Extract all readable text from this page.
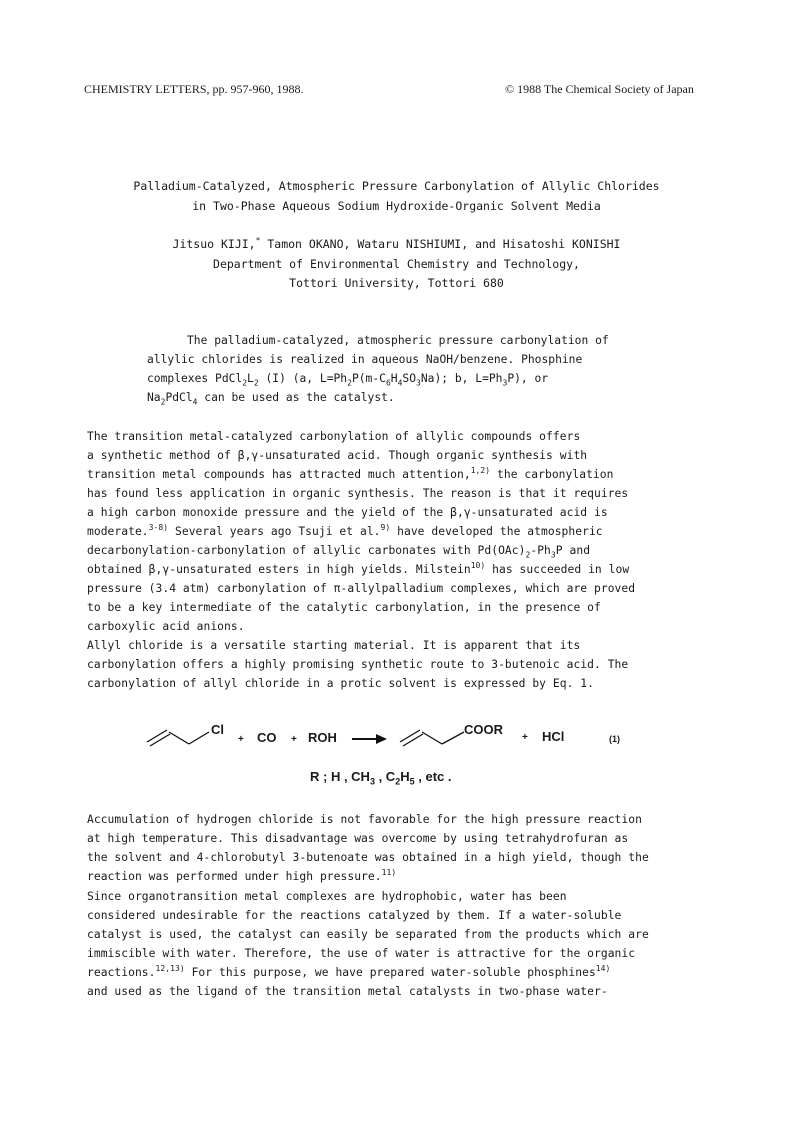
CHEMISTRY LETTERS, pp. 957-960, 1988.	© 1988 The Chemical Society of Japan
Palladium-Catalyzed, Atmospheric Pressure Carbonylation of Allylic Chlorides
in Two-Phase Aqueous Sodium Hydroxide-Organic Solvent Media
Jitsuo KIJI,* Tamon OKANO, Wataru NISHIUMI, and Hisatoshi KONISHI
Department of Environmental Chemistry and Technology,
Tottori University, Tottori 680
The palladium-catalyzed, atmospheric pressure carbonylation of
allylic chlorides is realized in aqueous NaOH/benzene. Phosphine
complexes $PdCl_2L_2$ (I) (a, $L=Ph_2P(m-C_6H_4SO_3Na)$; b, $L=Ph_3P$), or
$Na_2PdCl_4$ can be used as the catalyst.
The transition metal-catalyzed carbonylation of allylic compounds offers
a synthetic method of β,γ-unsaturated acid. Though organic synthesis with
transition metal compounds has attracted much attention,$^{1,2)}$ the carbonylation
has found less application in organic synthesis. The reason is that it requires
a high carbon monoxide pressure and the yield of the β,γ-unsaturated acid is
moderate.$^{3-8)}$ Several years ago Tsuji et al.$^{9)}$ have developed the atmospheric
decarbonylation-carbonylation of allylic carbonates with $Pd(OAc)_2-Ph_3P$ and
obtained β,γ-unsaturated esters in high yields. Milstein$^{10)}$ has succeeded in low
pressure (3.4 atm) carbonylation of π-allylpalladium complexes, which are proved
to be a key intermediate of the catalytic carbonylation, in the presence of
carboxylic acid anions.
Allyl chloride is a versatile starting material. It is apparent that its
carbonylation offers a highly promising synthetic route to 3-butenoic acid. The
carbonylation of allyl chloride in a protic solvent is expressed by Eq. 1.
Cl
+ CO + ROH →
COOR
+ HCl	(1)
R ; H , $CH_3$ , $C_2H_5$ , etc .
Accumulation of hydrogen chloride is not favorable for the high pressure reaction
at high temperature. This disadvantage was overcome by using tetrahydrofuran as
the solvent and 4-chlorobutyl 3-butenoate was obtained in a high yield, though the
reaction was performed under high pressure.$^{11)}$
Since organotransition metal complexes are hydrophobic, water has been
considered undesirable for the reactions catalyzed by them. If a water-soluble
catalyst is used, the catalyst can easily be separated from the products which are
immiscible with water. Therefore, the use of water is attractive for the organic
reactions.$^{12,13)}$ For this purpose, we have prepared water-soluble phosphines$^{14)}$
and used as the ligand of the transition metal catalysts in two-phase water-
